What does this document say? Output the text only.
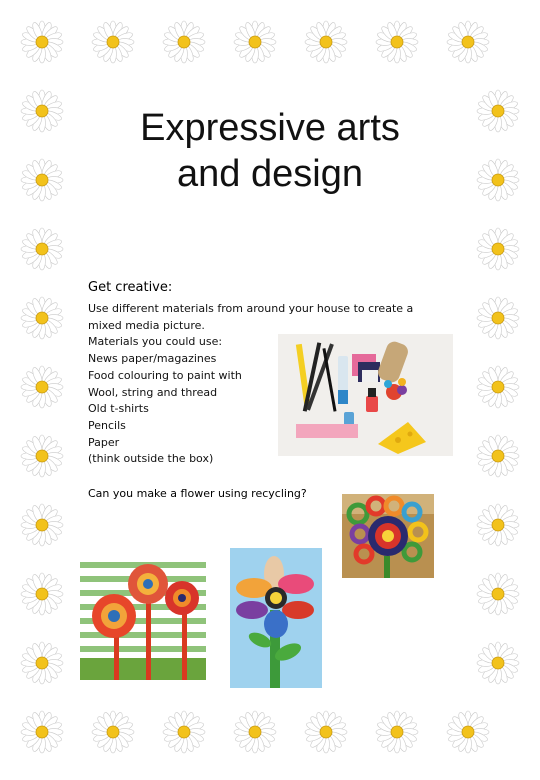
Expressive arts
and design
Get creative:
Use different materials from around your house to create a
mixed media picture.
Materials you could use:
News paper/magazines
Food colouring to paint with
Wool, string and thread
Old t-shirts
Pencils
Paper
(think outside the box)

Can you make a flower using recycling?
